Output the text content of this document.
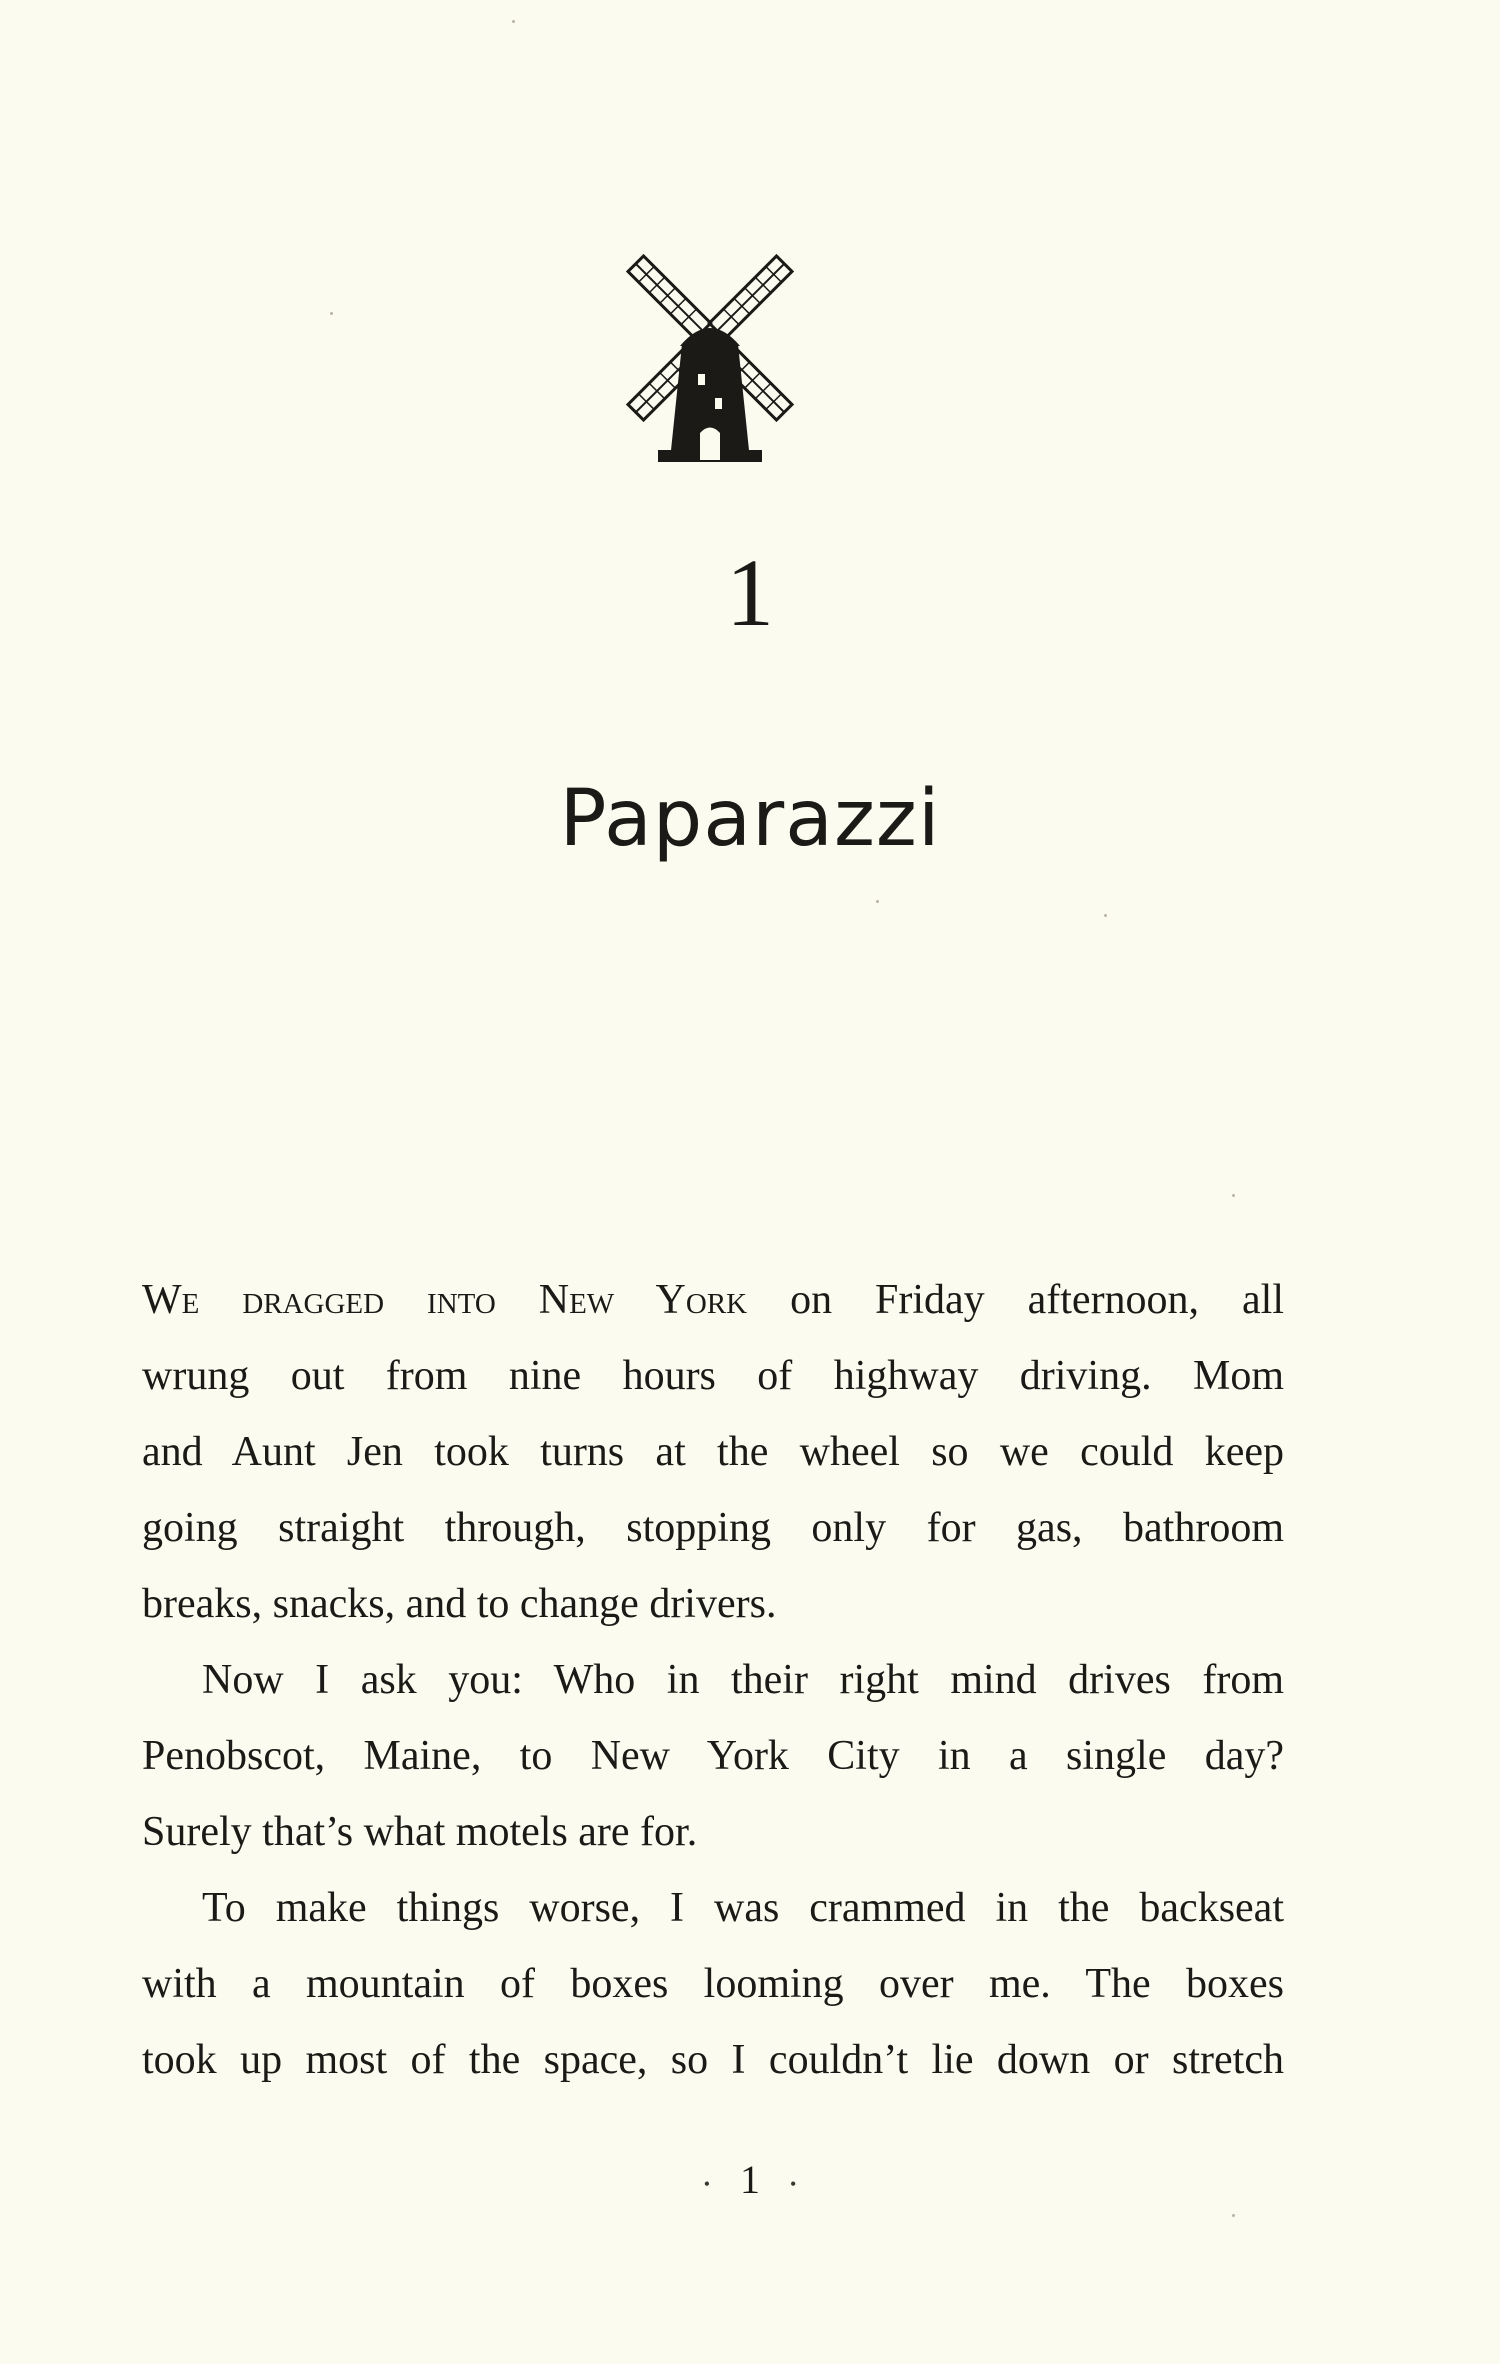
1
Paparazzi
We dragged into New York on Friday afternoon, all
wrung out from nine hours of highway driving. Mom
and Aunt Jen took turns at the wheel so we could keep
going straight through, stopping only for gas, bathroom
breaks, snacks, and to change drivers.
Now I ask you: Who in their right mind drives from
Penobscot, Maine, to New York City in a single day?
Surely that’s what motels are for.
To make things worse, I was crammed in the backseat
with a mountain of boxes looming over me. The boxes
took up most of the space, so I couldn’t lie down or stretch
• 1 •
